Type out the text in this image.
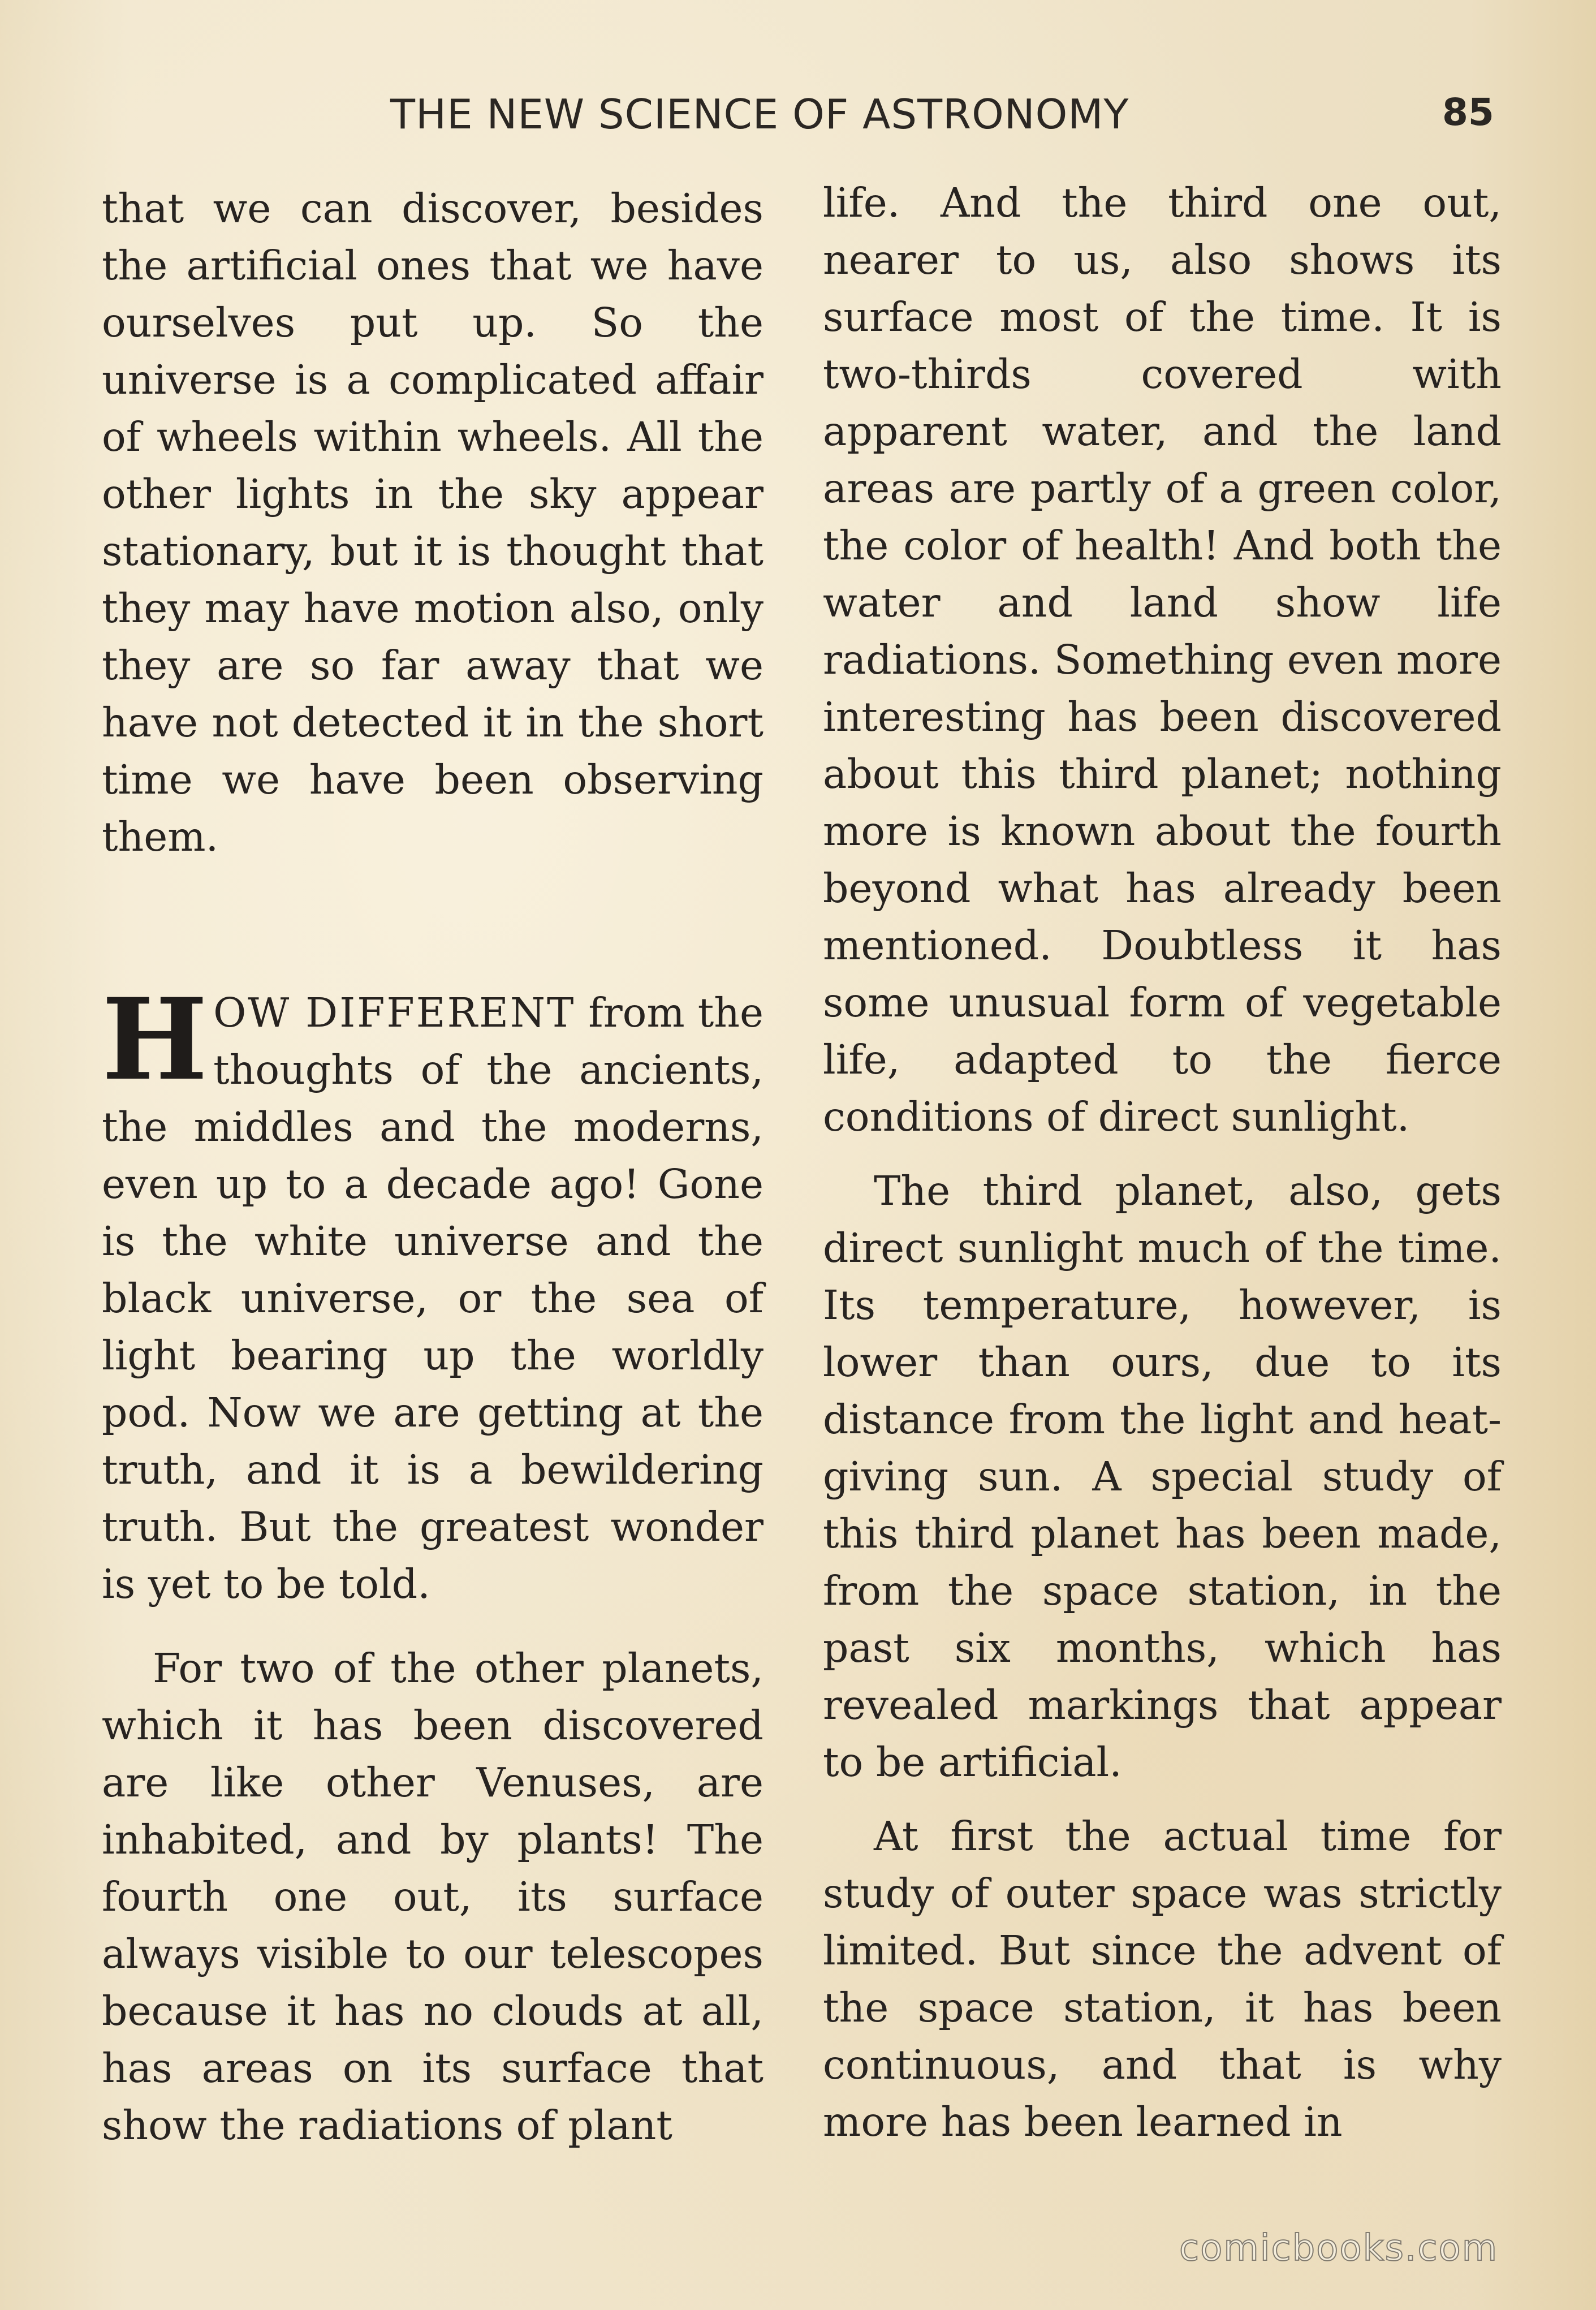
THE NEW SCIENCE OF ASTRONOMY	85

that we can discover, besides the artificial ones that we have ourselves put up. So the universe is a complicated affair of wheels within wheels. All the other lights in the sky appear stationary, but it is thought that they may have motion also, only they are so far away that we have not detected it in the short time we have been observing them.

HOW DIFFERENT from the thoughts of the ancients, the middles and the moderns, even up to a decade ago! Gone is the white universe and the black universe, or the sea of light bearing up the worldly pod. Now we are getting at the truth, and it is a bewildering truth. But the greatest wonder is yet to be told.

For two of the other planets, which it has been discovered are like other Venuses, are inhabited, and by plants! The fourth one out, its surface always visible to our telescopes because it has no clouds at all, has areas on its surface that show the radiations of plant

life. And the third one out, nearer to us, also shows its surface most of the time. It is two-thirds covered with apparent water, and the land areas are partly of a green color, the color of health! And both the water and land show life radiations. Something even more interesting has been discovered about this third planet; nothing more is known about the fourth beyond what has already been mentioned. Doubtless it has some unusual form of vegetable life, adapted to the fierce conditions of direct sunlight.

The third planet, also, gets direct sunlight much of the time. Its temperature, however, is lower than ours, due to its distance from the light and heat-giving sun. A special study of this third planet has been made, from the space station, in the past six months, which has revealed markings that appear to be artificial.

At first the actual time for study of outer space was strictly limited. But since the advent of the space station, it has been continuous, and that is why more has been learned in

comicbooks.com
